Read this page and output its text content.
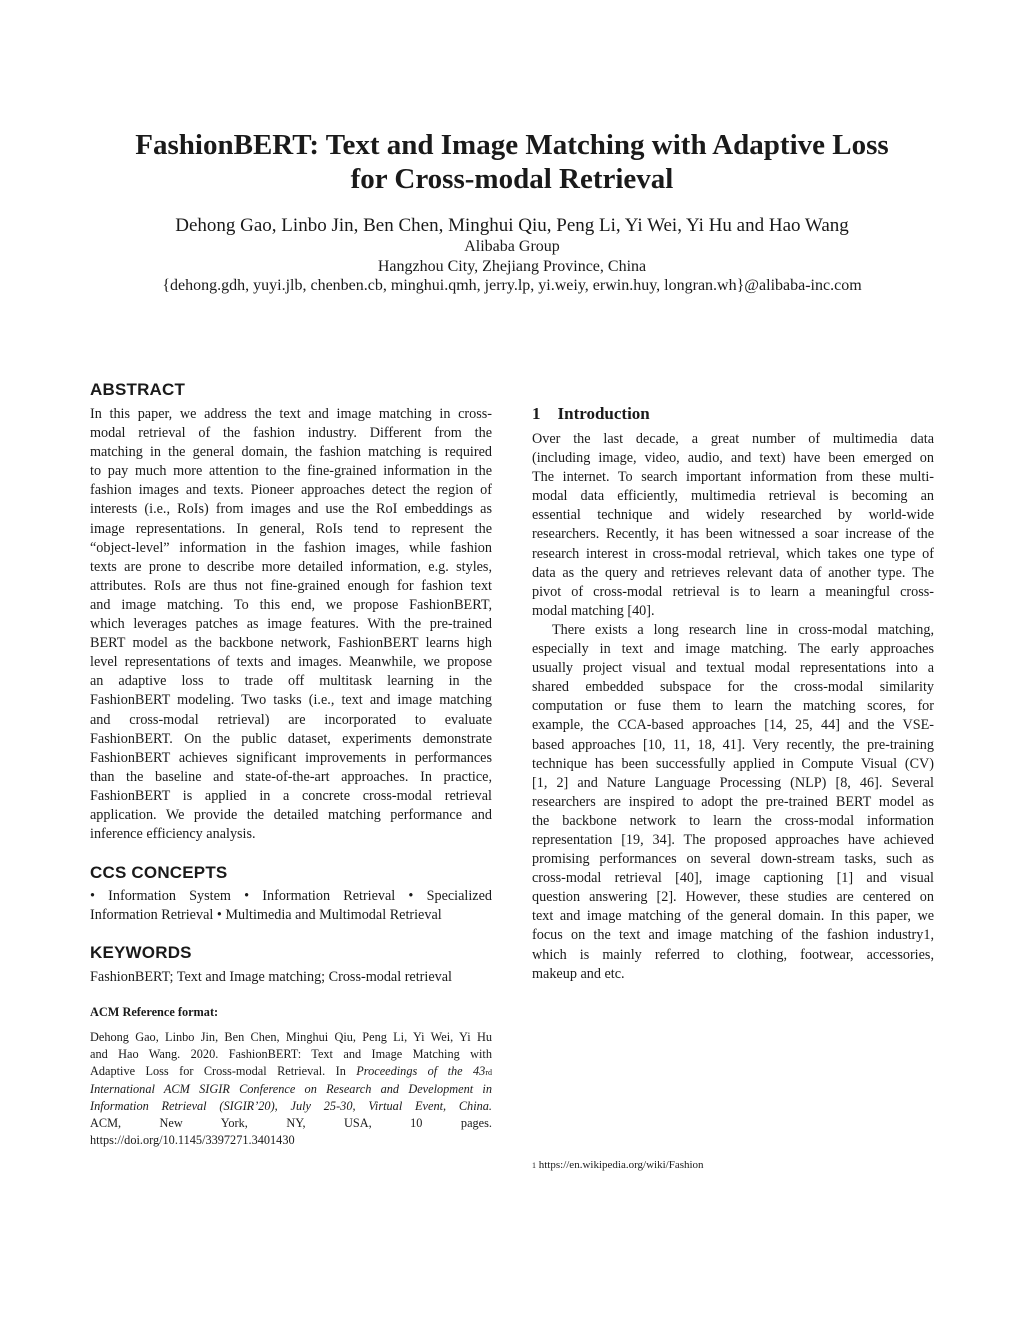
FashionBERT: Text and Image Matching with Adaptive Loss
for Cross-modal Retrieval
Dehong Gao, Linbo Jin, Ben Chen, Minghui Qiu, Peng Li, Yi Wei, Yi Hu and Hao Wang
Alibaba Group
Hangzhou City, Zhejiang Province, China
{dehong.gdh, yuyi.jlb, chenben.cb, minghui.qmh, jerry.lp, yi.weiy, erwin.huy, longran.wh}@alibaba-inc.com
ABSTRACT
In this paper, we address the text and image matching in cross-
modal retrieval of the fashion industry. Different from the
matching in the general domain, the fashion matching is required
to pay much more attention to the fine-grained information in the
fashion images and texts. Pioneer approaches detect the region of
interests (i.e., RoIs) from images and use the RoI embeddings as
image representations. In general, RoIs tend to represent the
“object-level” information in the fashion images, while fashion
texts are prone to describe more detailed information, e.g. styles,
attributes. RoIs are thus not fine-grained enough for fashion text
and image matching. To this end, we propose FashionBERT,
which leverages patches as image features. With the pre-trained
BERT model as the backbone network, FashionBERT learns high
level representations of texts and images. Meanwhile, we propose
an adaptive loss to trade off multitask learning in the
FashionBERT modeling. Two tasks (i.e., text and image matching
and cross-modal retrieval) are incorporated to evaluate
FashionBERT. On the public dataset, experiments demonstrate
FashionBERT achieves significant improvements in performances
than the baseline and state-of-the-art approaches. In practice,
FashionBERT is applied in a concrete cross-modal retrieval
application. We provide the detailed matching performance and
inference efficiency analysis.
CCS CONCEPTS
• Information System • Information Retrieval • Specialized
Information Retrieval • Multimedia and Multimodal Retrieval
KEYWORDS
FashionBERT; Text and Image matching; Cross-modal retrieval
ACM Reference format:
Dehong Gao, Linbo Jin, Ben Chen, Minghui Qiu, Peng Li, Yi Wei, Yi Hu
and Hao Wang. 2020. FashionBERT: Text and Image Matching with
Adaptive Loss for Cross-modal Retrieval. In Proceedings of the 43rd
International ACM SIGIR Conference on Research and Development in
Information Retrieval (SIGIR’20), July 25-30, Virtual Event, China.
ACM, New York, NY, USA, 10 pages.
https://doi.org/10.1145/3397271.3401430
1    Introduction
Over the last decade, a great number of multimedia data
(including image, video, audio, and text) have been emerged on
The internet. To search important information from these multi-
modal data efficiently, multimedia retrieval is becoming an
essential technique and widely researched by world-wide
researchers. Recently, it has been witnessed a soar increase of the
research interest in cross-modal retrieval, which takes one type of
data as the query and retrieves relevant data of another type. The
pivot of cross-modal retrieval is to learn a meaningful cross-
modal matching [40].
There exists a long research line in cross-modal matching,
especially in text and image matching. The early approaches
usually project visual and textual modal representations into a
shared embedded subspace for the cross-modal similarity
computation or fuse them to learn the matching scores, for
example, the CCA-based approaches [14, 25, 44] and the VSE-
based approaches [10, 11, 18, 41]. Very recently, the pre-training
technique has been successfully applied in Compute Visual (CV)
[1, 2] and Nature Language Processing (NLP) [8, 46]. Several
researchers are inspired to adopt the pre-trained BERT model as
the backbone network to learn the cross-modal information
representation [19, 34]. The proposed approaches have achieved
promising performances on several down-stream tasks, such as
cross-modal retrieval [40], image captioning [1] and visual
question answering [2]. However, these studies are centered on
text and image matching of the general domain. In this paper, we
focus on the text and image matching of the fashion industry1,
which is mainly referred to clothing, footwear, accessories,
makeup and etc.
1 https://en.wikipedia.org/wiki/Fashion
